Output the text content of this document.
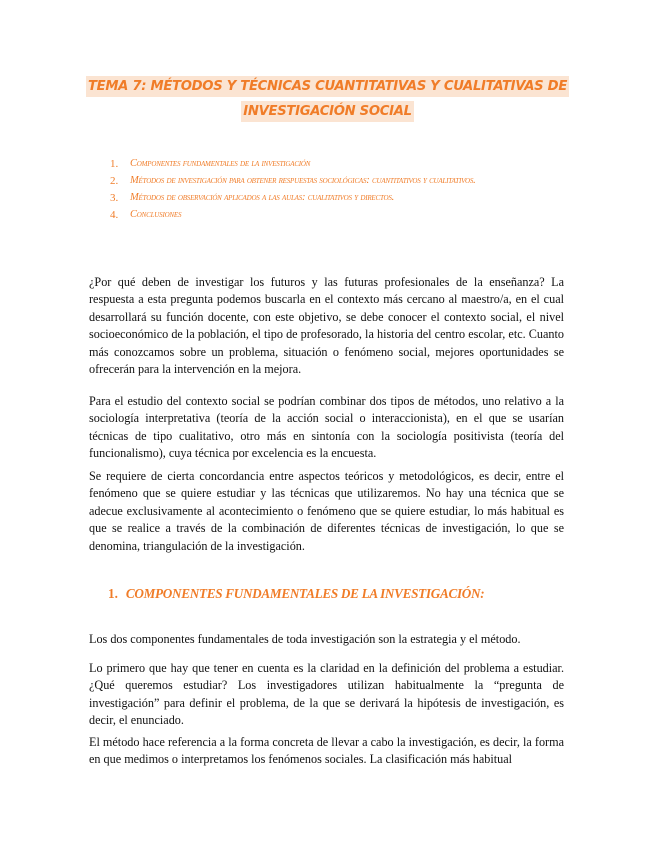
TEMA 7: MÉTODOS Y TÉCNICAS CUANTITATIVAS Y CUALITATIVAS DE
INVESTIGACIÓN SOCIAL
1. Componentes fundamentales de la investigación
2. Métodos de investigación para obtener respuestas sociológicas: cuantitativos y cualitativos.
3. Métodos de observación aplicados a las aulas: cualitativos y directos.
4. Conclusiones

¿Por qué deben de investigar los futuros y las futuras profesionales de la enseñanza? La respuesta a esta pregunta podemos buscarla en el contexto más cercano al maestro/a, en el cual desarrollará su función docente, con este objetivo, se debe conocer el contexto social, el nivel socioeconómico de la población, el tipo de profesorado, la historia del centro escolar, etc. Cuanto más conozcamos sobre un problema, situación o fenómeno social, mejores oportunidades se ofrecerán para la intervención en la mejora.

Para el estudio del contexto social se podrían combinar dos tipos de métodos, uno relativo a la sociología interpretativa (teoría de la acción social o interaccionista), en el que se usarían técnicas de tipo cualitativo, otro más en sintonía con la sociología positivista (teoría del funcionalismo), cuya técnica por excelencia es la encuesta.

Se requiere de cierta concordancia entre aspectos teóricos y metodológicos, es decir, entre el fenómeno que se quiere estudiar y las técnicas que utilizaremos. No hay una técnica que se adecue exclusivamente al acontecimiento o fenómeno que se quiere estudiar, lo más habitual es que se realice a través de la combinación de diferentes técnicas de investigación, lo que se denomina, triangulación de la investigación.

1. COMPONENTES FUNDAMENTALES DE LA INVESTIGACIÓN:

Los dos componentes fundamentales de toda investigación son la estrategia y el método.

Lo primero que hay que tener en cuenta es la claridad en la definición del problema a estudiar. ¿Qué queremos estudiar? Los investigadores utilizan habitualmente la “pregunta de investigación” para definir el problema, de la que se derivará la hipótesis de investigación, es decir, el enunciado.

El método hace referencia a la forma concreta de llevar a cabo la investigación, es decir, la forma en que medimos o interpretamos los fenómenos sociales. La clasificación más habitual
